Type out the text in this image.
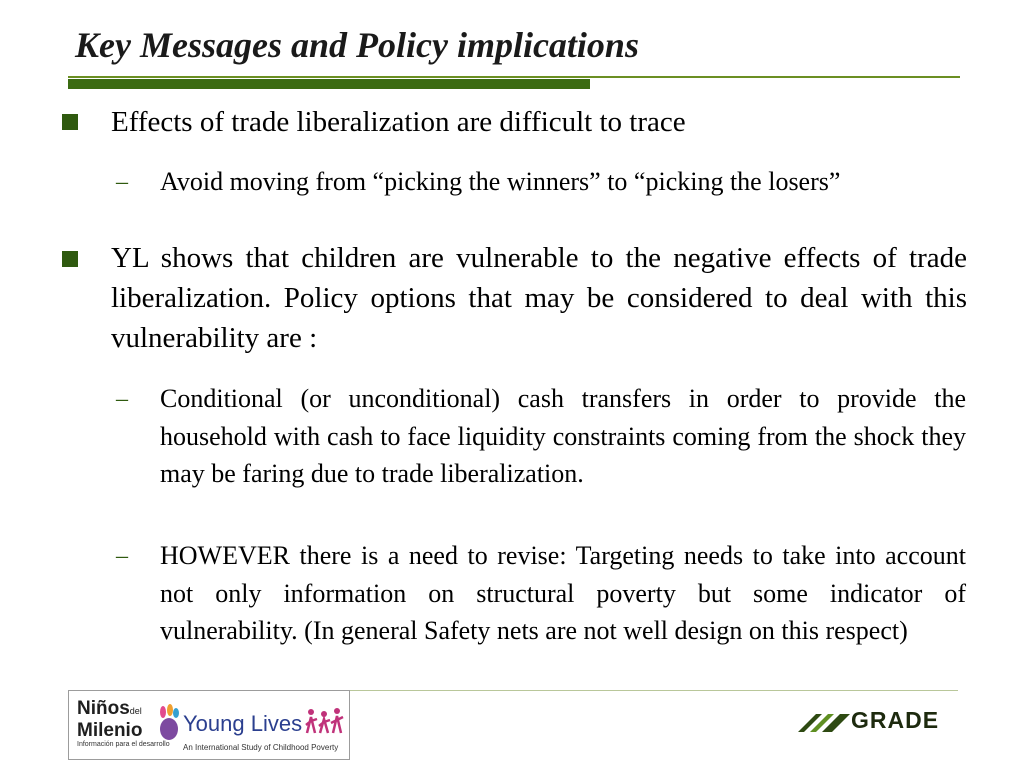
Key Messages and Policy implications
Effects of trade liberalization are difficult to trace
– Avoid moving from “picking the winners” to “picking the losers”
YL shows that children are vulnerable to the negative effects of trade liberalization. Policy options that may be considered to deal with this vulnerability are :
– Conditional (or unconditional) cash transfers in order to provide the household with cash to face liquidity constraints coming from the shock they may be faring due to trade liberalization.
– HOWEVER there is a need to revise: Targeting needs to take into account not only information on structural poverty but some indicator of vulnerability. (In general Safety nets are not well design on this respect)
Niñosdel
Milenio
Información para el desarrollo
Young Lives
An International Study of Childhood Poverty
GRADE
